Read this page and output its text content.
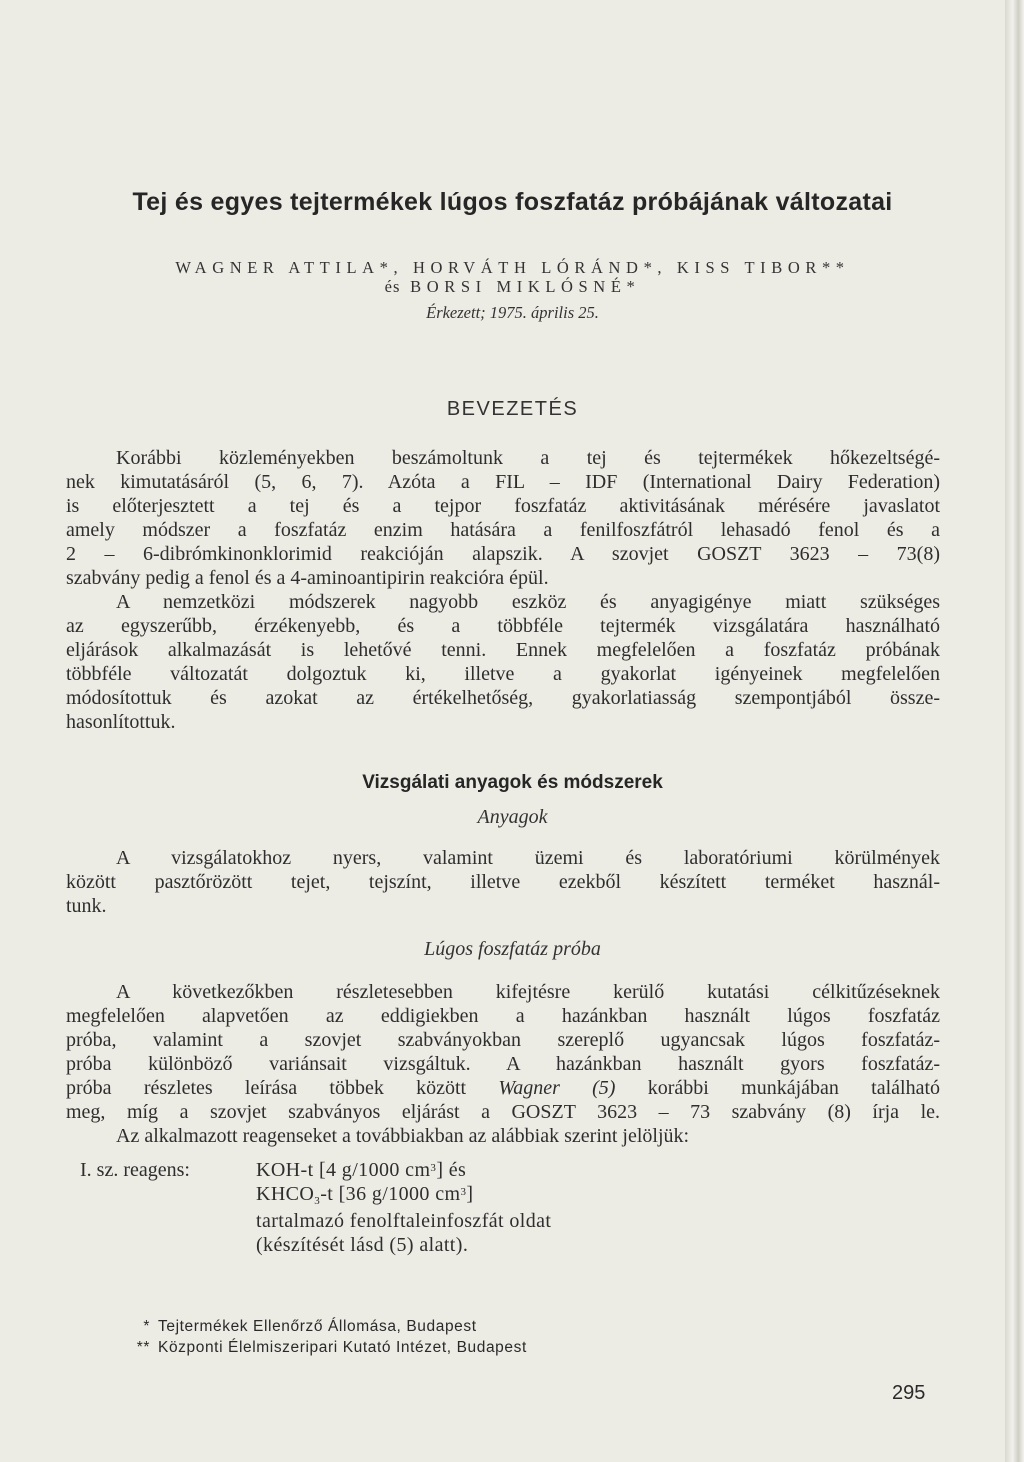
Tej és egyes tejtermékek lúgos foszfatáz próbájának változatai
WAGNER ATTILA*, HORVÁTH LÓRÁND*, KISS TIBOR**
és BORSI MIKLÓSNÉ*
Érkezett; 1975. április 25.
BEVEZETÉS
Korábbi közleményekben beszámoltunk a tej és tejtermékek hőkezeltségé-
nek kimutatásáról (5, 6, 7). Azóta a FIL – IDF (International Dairy Federation)
is előterjesztett a tej és a tejpor foszfatáz aktivitásának mérésére javaslatot
amely módszer a foszfatáz enzim hatására a fenilfoszfátról lehasadó fenol és a
2 – 6-dibrómkinonklorimid reakcióján alapszik. A szovjet GOSZT 3623 – 73(8)
szabvány pedig a fenol és a 4-aminoantipirin reakcióra épül.
A nemzetközi módszerek nagyobb eszköz és anyagigénye miatt szükséges
az egyszerűbb, érzékenyebb, és a többféle tejtermék vizsgálatára használható
eljárások alkalmazását is lehetővé tenni. Ennek megfelelően a foszfatáz próbának
többféle változatát dolgoztuk ki, illetve a gyakorlat igényeinek megfelelően
módosítottuk és azokat az értékelhetőség, gyakorlatiasság szempontjából össze-
hasonlítottuk.
Vizsgálati anyagok és módszerek
Anyagok
A vizsgálatokhoz nyers, valamint üzemi és laboratóriumi körülmények
között pasztőrözött tejet, tejszínt, illetve ezekből készített terméket használ-
tunk.
Lúgos foszfatáz próba
A következőkben részletesebben kifejtésre kerülő kutatási célkitűzéseknek
megfelelően alapvetően az eddigiekben a hazánkban használt lúgos foszfatáz
próba, valamint a szovjet szabványokban szereplő ugyancsak lúgos foszfatáz-
próba különböző variánsait vizsgáltuk. A hazánkban használt gyors foszfatáz-
próba részletes leírása többek között Wagner (5) korábbi munkájában található
meg, míg a szovjet szabványos eljárást a GOSZT 3623 – 73 szabvány (8) írja le.
Az alkalmazott reagenseket a továbbiakban az alábbiak szerint jelöljük:
I. sz. reagens:	KOH-t [4 g/1000 $cm^3$] és
$KHCO_3-t$ [36 g/1000 $cm^3$]
tartalmazó fenolftaleinfoszfát oldat
(készítését lásd (5) alatt).
* Tejtermékek Ellenőrző Állomása, Budapest
** Központi Élelmiszeripari Kutató Intézet, Budapest
295
